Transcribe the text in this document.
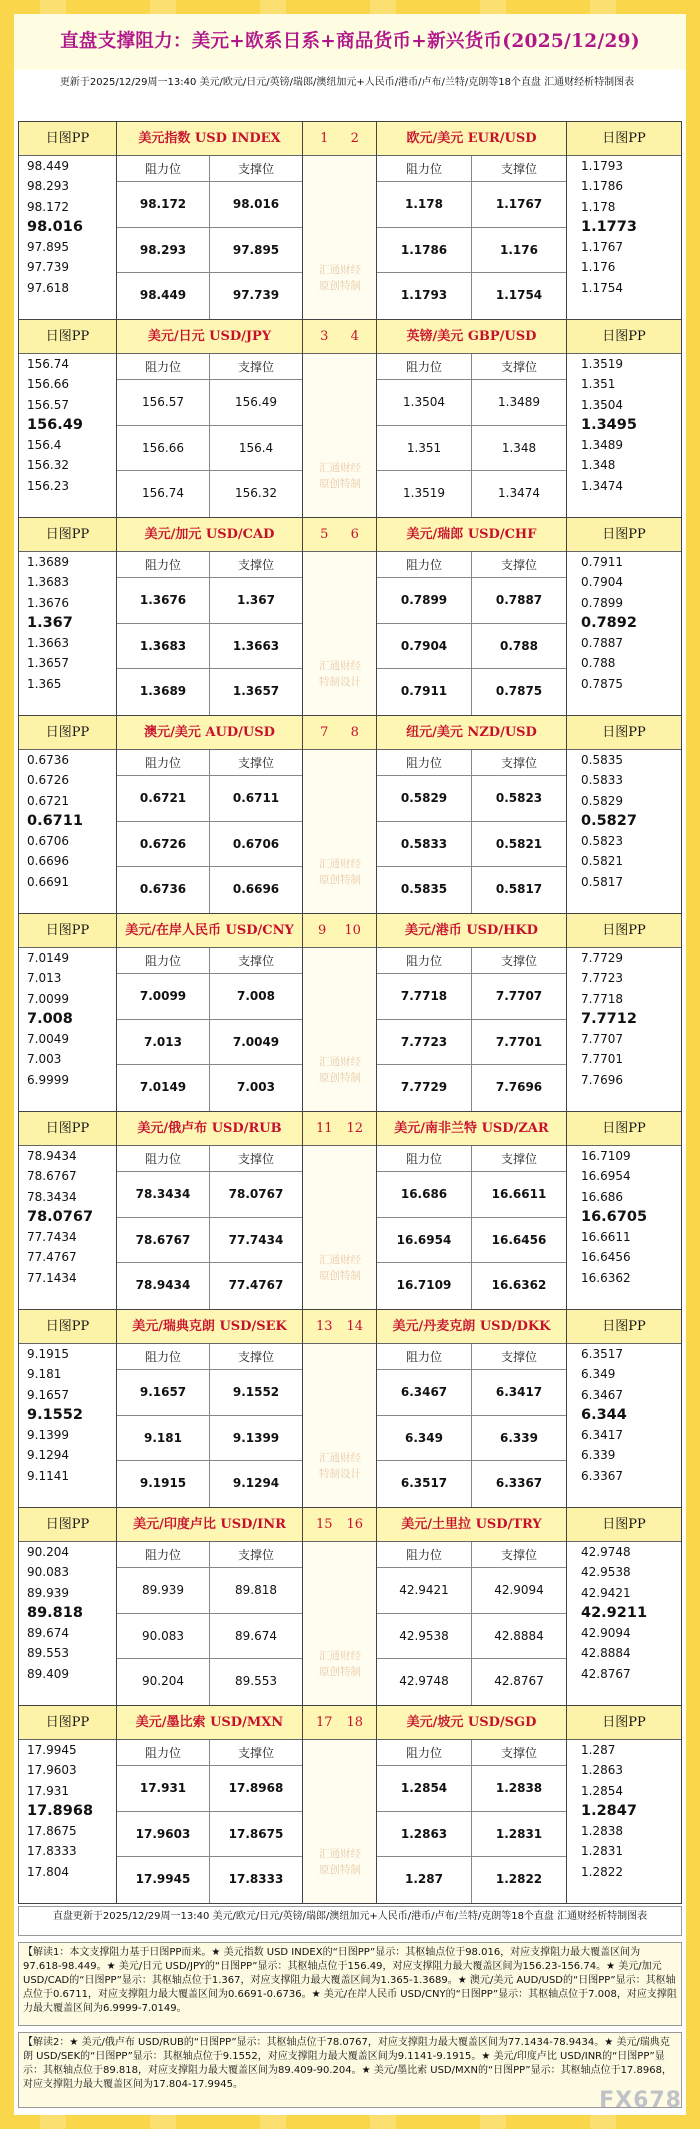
直盘支撑阻力：美元+欧系日系+商品货币+新兴货币(2025/12/29)
更新于2025/12/29周一13:40 美元/欧元/日元/英镑/瑞郎/澳纽加元+人民币/港币/卢布/兰特/克朗等18个直盘 汇通财经析特制图表
日图PP
98.449
98.293
98.172
98.016
97.895
97.739
97.618
美元指数 USD INDEX
阻力位	支撑位
98.172	98.016
98.293	97.895
98.449	97.739
1 2
汇通财经
原创特制
欧元/美元 EUR/USD
阻力位	支撑位
1.178	1.1767
1.1786	1.176
1.1793	1.1754
日图PP
1.1793
1.1786
1.178
1.1773
1.1767
1.176
1.1754
日图PP
156.74
156.66
156.57
156.49
156.4
156.32
156.23
美元/日元 USD/JPY
阻力位	支撑位
156.57	156.49
156.66	156.4
156.74	156.32
3 4
汇通财经
原创特制
英镑/美元 GBP/USD
阻力位	支撑位
1.3504	1.3489
1.351	1.348
1.3519	1.3474
日图PP
1.3519
1.351
1.3504
1.3495
1.3489
1.348
1.3474
日图PP
1.3689
1.3683
1.3676
1.367
1.3663
1.3657
1.365
美元/加元 USD/CAD
阻力位	支撑位
1.3676	1.367
1.3683	1.3663
1.3689	1.3657
5 6
汇通财经
特制设计
美元/瑞郎 USD/CHF
阻力位	支撑位
0.7899	0.7887
0.7904	0.788
0.7911	0.7875
日图PP
0.7911
0.7904
0.7899
0.7892
0.7887
0.788
0.7875
日图PP
0.6736
0.6726
0.6721
0.6711
0.6706
0.6696
0.6691
澳元/美元 AUD/USD
阻力位	支撑位
0.6721	0.6711
0.6726	0.6706
0.6736	0.6696
7 8
汇通财经
原创特制
纽元/美元 NZD/USD
阻力位	支撑位
0.5829	0.5823
0.5833	0.5821
0.5835	0.5817
日图PP
0.5835
0.5833
0.5829
0.5827
0.5823
0.5821
0.5817
日图PP
7.0149
7.013
7.0099
7.008
7.0049
7.003
6.9999
美元/在岸人民币 USD/CNY
阻力位	支撑位
7.0099	7.008
7.013	7.0049
7.0149	7.003
9 10
汇通财经
原创特制
美元/港币 USD/HKD
阻力位	支撑位
7.7718	7.7707
7.7723	7.7701
7.7729	7.7696
日图PP
7.7729
7.7723
7.7718
7.7712
7.7707
7.7701
7.7696
日图PP
78.9434
78.6767
78.3434
78.0767
77.7434
77.4767
77.1434
美元/俄卢布 USD/RUB
阻力位	支撑位
78.3434	78.0767
78.6767	77.7434
78.9434	77.4767
11 12
汇通财经
原创特制
美元/南非兰特 USD/ZAR
阻力位	支撑位
16.686	16.6611
16.6954	16.6456
16.7109	16.6362
日图PP
16.7109
16.6954
16.686
16.6705
16.6611
16.6456
16.6362
日图PP
9.1915
9.181
9.1657
9.1552
9.1399
9.1294
9.1141
美元/瑞典克朗 USD/SEK
阻力位	支撑位
9.1657	9.1552
9.181	9.1399
9.1915	9.1294
13 14
汇通财经
特制设计
美元/丹麦克朗 USD/DKK
阻力位	支撑位
6.3467	6.3417
6.349	6.339
6.3517	6.3367
日图PP
6.3517
6.349
6.3467
6.344
6.3417
6.339
6.3367
日图PP
90.204
90.083
89.939
89.818
89.674
89.553
89.409
美元/印度卢比 USD/INR
阻力位	支撑位
89.939	89.818
90.083	89.674
90.204	89.553
15 16
汇通财经
原创特制
美元/土里拉 USD/TRY
阻力位	支撑位
42.9421	42.9094
42.9538	42.8884
42.9748	42.8767
日图PP
42.9748
42.9538
42.9421
42.9211
42.9094
42.8884
42.8767
日图PP
17.9945
17.9603
17.931
17.8968
17.8675
17.8333
17.804
美元/墨比索 USD/MXN
阻力位	支撑位
17.931	17.8968
17.9603	17.8675
17.9945	17.8333
17 18
汇通财经
原创特制
美元/坡元 USD/SGD
阻力位	支撑位
1.2854	1.2838
1.2863	1.2831
1.287	1.2822
日图PP
1.287
1.2863
1.2854
1.2847
1.2838
1.2831
1.2822
直盘更新于2025/12/29周一13:40 美元/欧元/日元/英镑/瑞郎/澳纽加元+人民币/港币/卢布/兰特/克朗等18个直盘 汇通财经析特制图表
【解读1：本文支撑阻力基于日图PP而来。★ 美元指数 USD INDEX的“日图PP”显示：其枢轴点位于98.016，对应支撑阻力最大覆盖区间为97.618-98.449。★ 美元/日元 USD/JPY的“日图PP”显示：其枢轴点位于156.49，对应支撑阻力最大覆盖区间为156.23-156.74。★ 美元/加元 USD/CAD的“日图PP”显示：其枢轴点位于1.367，对应支撑阻力最大覆盖区间为1.365-1.3689。★ 澳元/美元 AUD/USD的“日图PP”显示：其枢轴点位于0.6711，对应支撑阻力最大覆盖区间为0.6691-0.6736。★ 美元/在岸人民币 USD/CNY的“日图PP”显示：其枢轴点位于7.008，对应支撑阻力最大覆盖区间为6.9999-7.0149。
【解读2：★ 美元/俄卢布 USD/RUB的“日图PP”显示：其枢轴点位于78.0767，对应支撑阻力最大覆盖区间为77.1434-78.9434。★ 美元/瑞典克朗 USD/SEK的“日图PP”显示：其枢轴点位于9.1552，对应支撑阻力最大覆盖区间为9.1141-9.1915。★ 美元/印度卢比 USD/INR的“日图PP”显示：其枢轴点位于89.818，对应支撑阻力最大覆盖区间为89.409-90.204。★ 美元/墨比索 USD/MXN的“日图PP”显示：其枢轴点位于17.8968，对应支撑阻力最大覆盖区间为17.804-17.9945。
FX678
